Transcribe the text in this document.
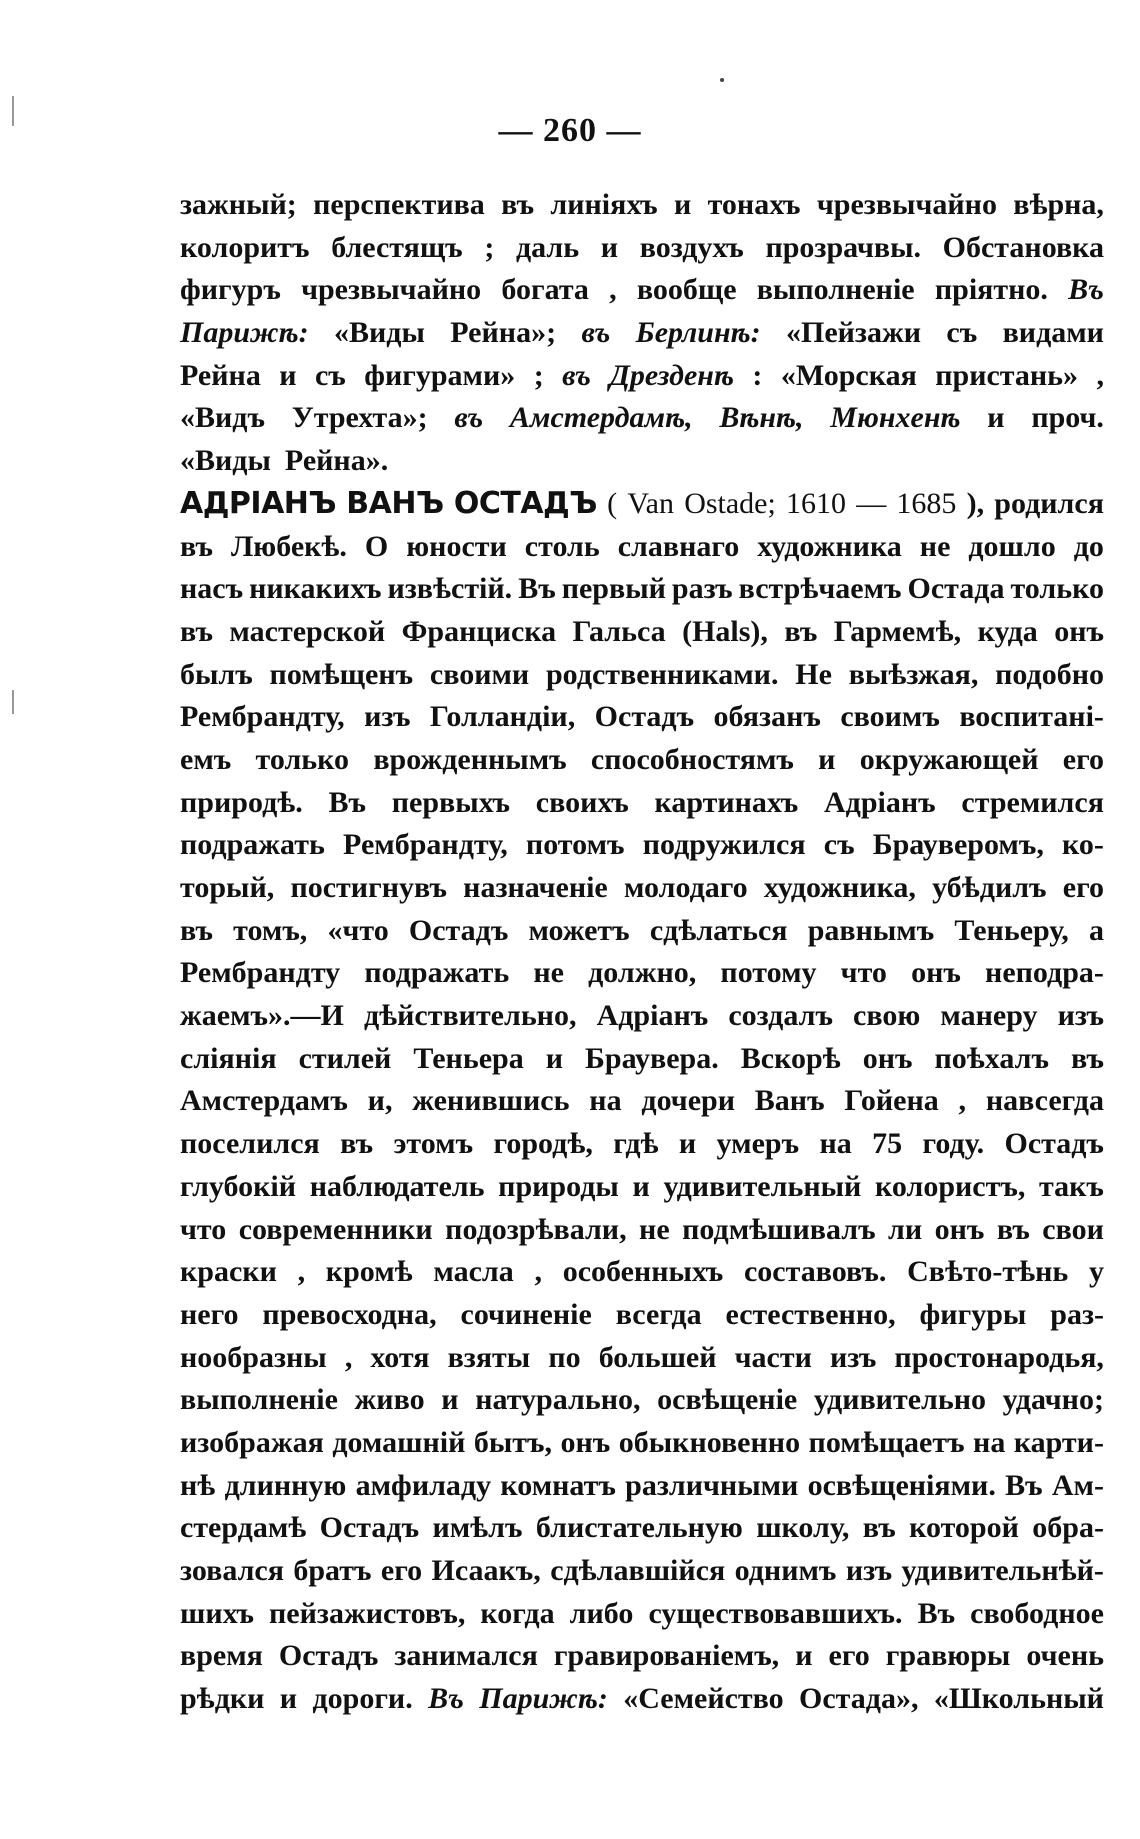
— 260 —
зажный; перспектива въ линіяхъ и тонахъ чрезвычайно вѣрна,
колоритъ блестящъ ; даль и воздухъ прозрачвы. Обстановка
фигуръ чрезвычайно богата , вообще выполненіе пріятно. Въ
Парижѣ: «Виды Рейна»; въ Берлинѣ: «Пейзажи съ видами
Рейна и съ фигурами» ; въ Дрезденѣ : «Морская пристань» ,
«Видъ Утрехта»; въ Амстердамѣ, Вѣнѣ, Мюнхенѣ и проч.
«Виды Рейна».
АДРІАНЪ ВАНЪ ОСТАДЪ ( Van Ostade; 1610 — 1685 ), родился
въ Любекѣ. О юности столь славнаго художника не дошло до
насъ никакихъ извѣстій. Въ первый разъ встрѣчаемъ Остада только
въ мастерской Франциска Гальса (Hals), въ Гармемѣ, куда онъ
былъ помѣщенъ своими родственниками. Не выѣзжая, подобно
Рембрандту, изъ Голландіи, Остадъ обязанъ своимъ воспитані-
емъ только врожденнымъ способностямъ и окружающей его
природѣ. Въ первыхъ своихъ картинахъ Адріанъ стремился
подражать Рембрандту, потомъ подружился съ Брауверомъ, ко-
торый, постигнувъ назначеніе молодаго художника, убѣдилъ его
въ томъ, «что Остадъ можетъ сдѣлаться равнымъ Теньеру, а
Рембрандту подражать не должно, потому что онъ неподра-
жаемъ».—И дѣйствительно, Адріанъ создалъ свою манеру изъ
сліянія стилей Теньера и Браувера. Вскорѣ онъ поѣхалъ въ
Амстердамъ и, женившись на дочери Ванъ Гойена , навсегда
поселился въ этомъ городѣ, гдѣ и умеръ на 75 году. Остадъ
глубокій наблюдатель природы и удивительный колористъ, такъ
что современники подозрѣвали, не подмѣшивалъ ли онъ въ свои
краски , кромѣ масла , особенныхъ составовъ. Свѣто-тѣнь у
него превосходна, сочиненіе всегда естественно, фигуры раз-
нообразны , хотя взяты по большей части изъ простонародья,
выполненіе живо и натурально, освѣщеніе удивительно удачно;
изображая домашній бытъ, онъ обыкновенно помѣщаетъ на карти-
нѣ длинную амфиладу комнатъ различными освѣщеніями. Въ Ам-
стердамѣ Остадъ имѣлъ блистательную школу, въ которой обра-
зовался братъ его Исаакъ, сдѣлавшійся однимъ изъ удивительнѣй-
шихъ пейзажистовъ, когда либо существовавшихъ. Въ свободное
время Остадъ занимался гравированіемъ, и его гравюры очень
рѣдки и дороги. Въ Парижѣ: «Семейство Остада», «Школьный
